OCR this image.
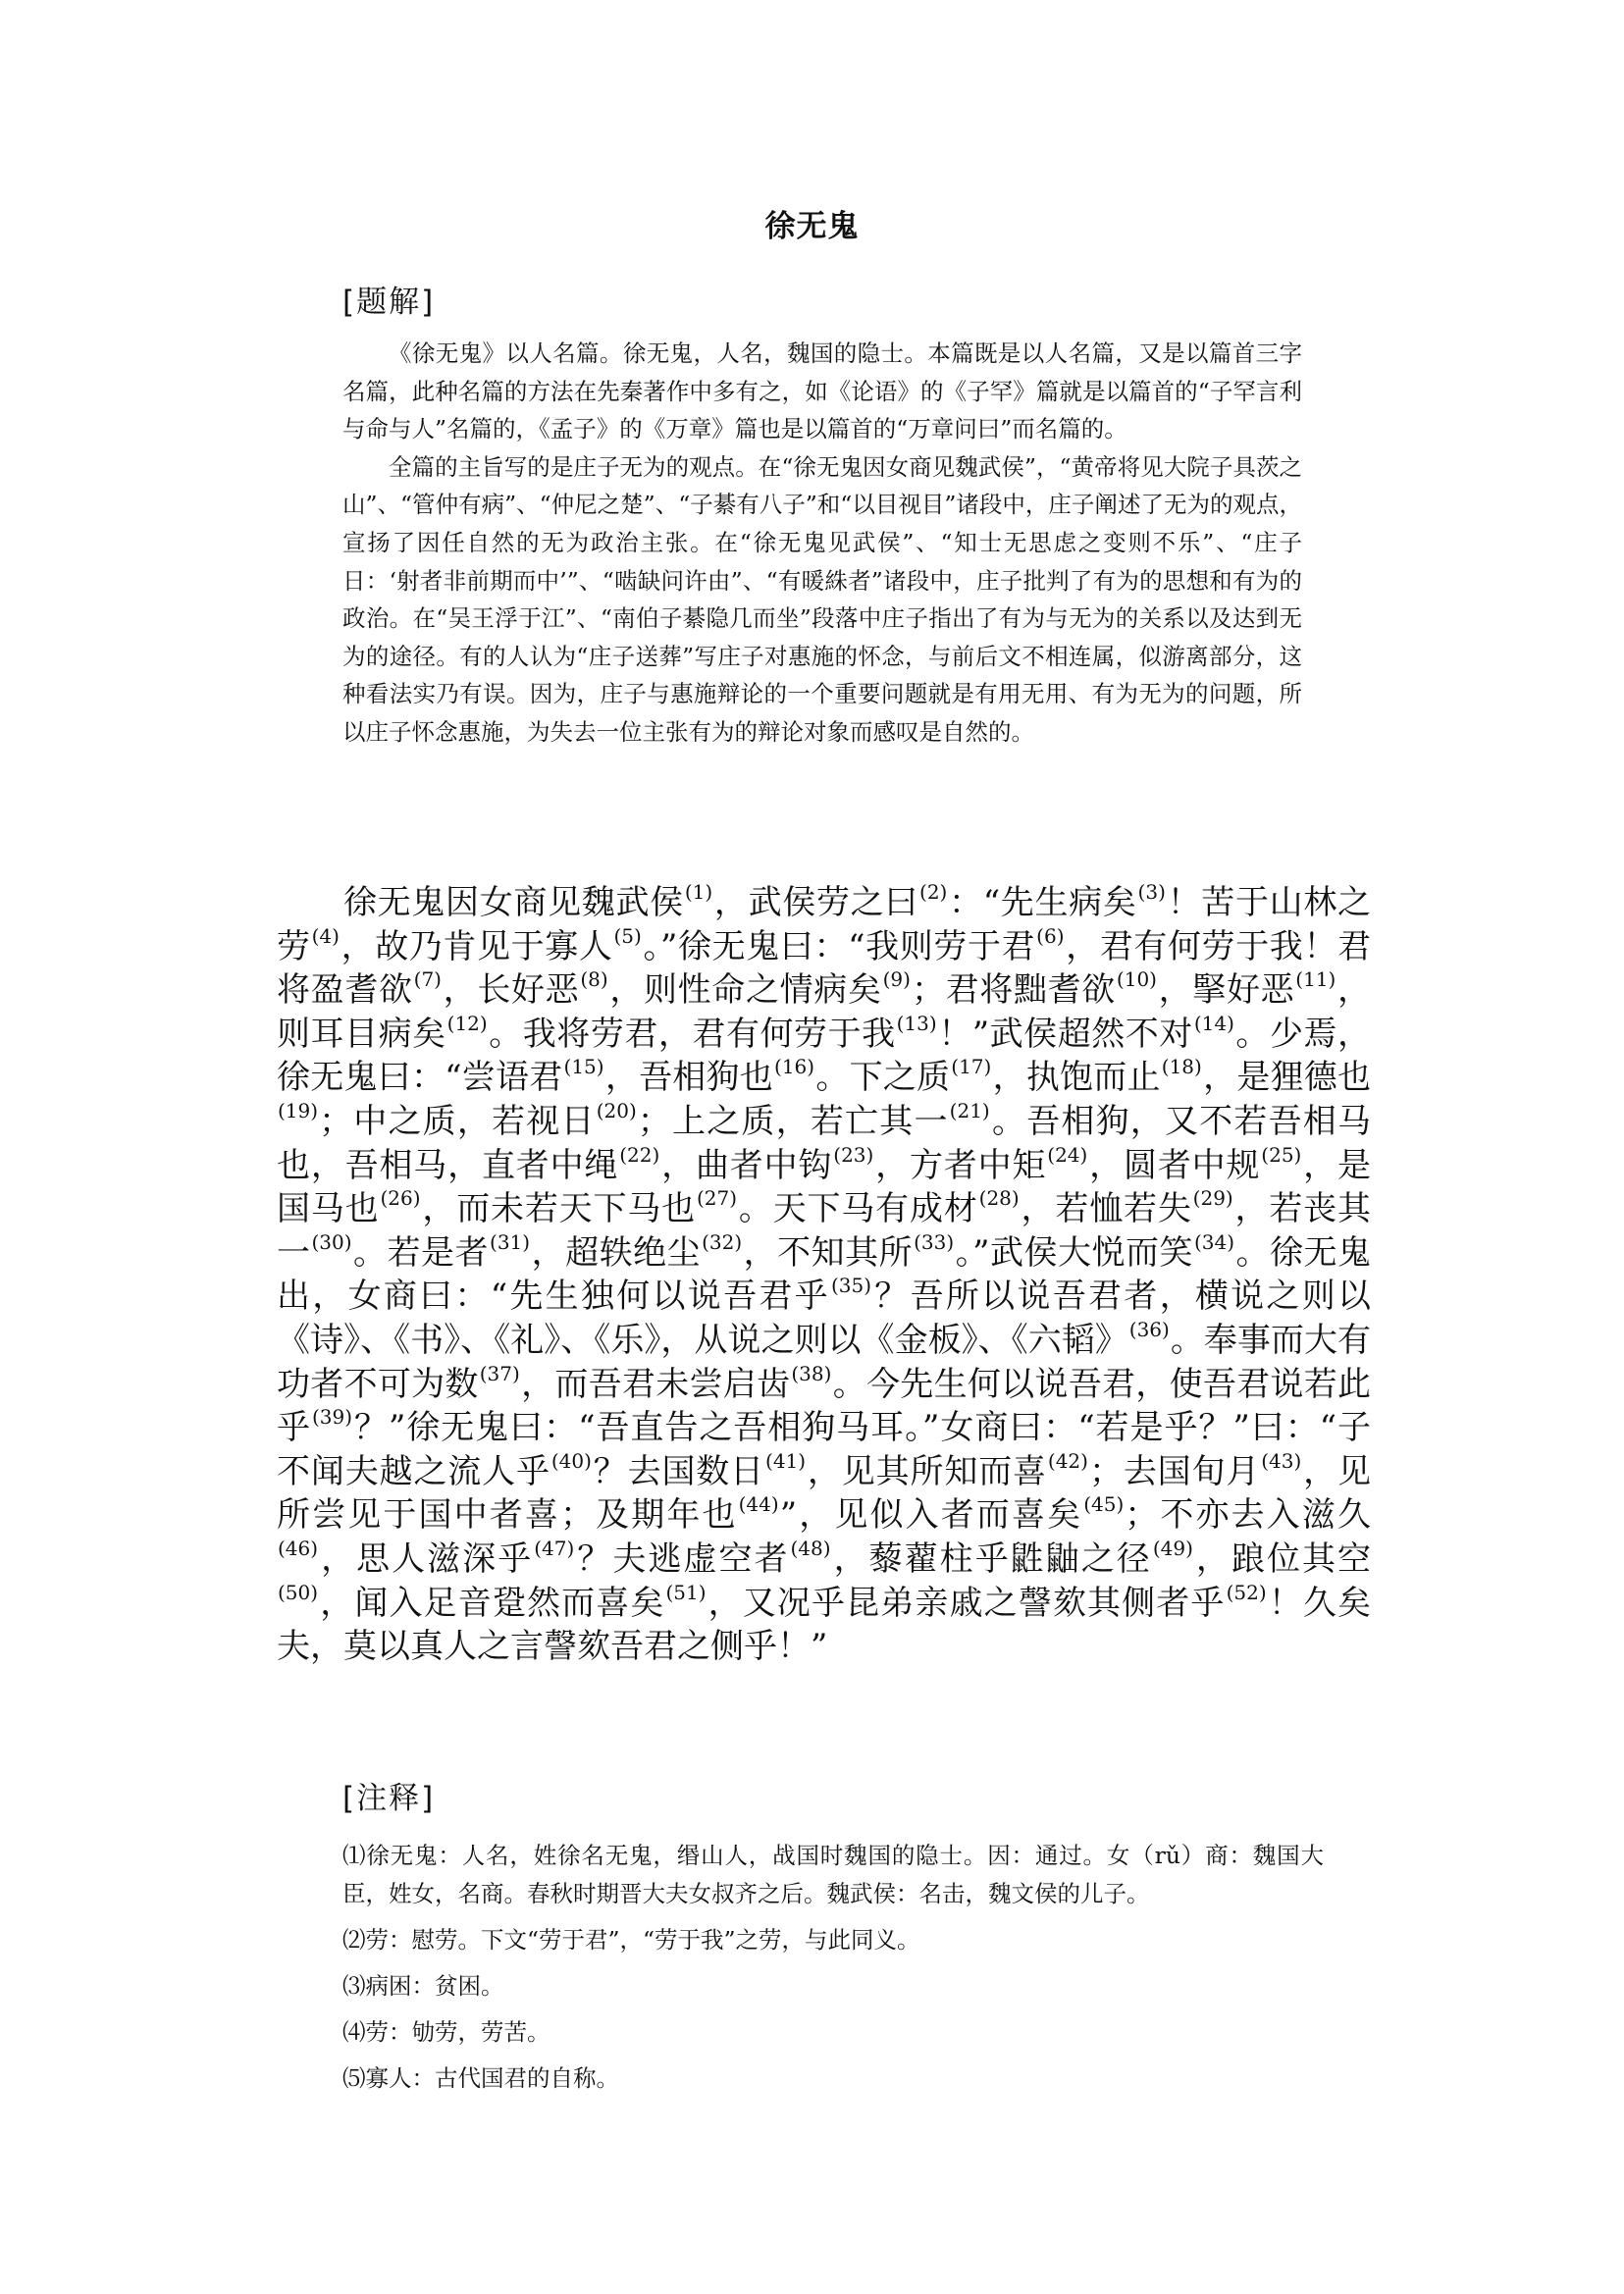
徐无鬼
[题解]

《徐无鬼》以人名篇。徐无鬼，人名，魏国的隐士。本篇既是以人名篇，又是以篇首三字名篇，此种名篇的方法在先秦著作中多有之，如《论语》的《子罕》篇就是以篇首的“子罕言利与命与人”名篇的，《孟子》的《万章》篇也是以篇首的“万章问曰”而名篇的。

全篇的主旨写的是庄子无为的观点。在“徐无鬼因女商见魏武侯”，“黄帝将见大院子具茨之山”、“管仲有病”、“仲尼之楚”、“子綦有八子”和“以目视目”诸段中，庄子阐述了无为的观点，宣扬了因任自然的无为政治主张。在“徐无鬼见武侯”、“知士无思虑之变则不乐”、“庄子日：‘射者非前期而中’”、“啮缺问许由”、“有暖絑者”诸段中，庄子批判了有为的思想和有为的政治。在“吴王浮于江”、“南伯子綦隐几而坐”段落中庄子指出了有为与无为的关系以及达到无为的途径。有的人认为“庄子送葬”写庄子对惠施的怀念，与前后文不相连属，似游离部分，这种看法实乃有误。因为，庄子与惠施辩论的一个重要问题就是有用无用、有为无为的问题，所以庄子怀念惠施，为失去一位主张有为的辩论对象而感叹是自然的。

徐无鬼因女商见魏武侯$^{(1)}$，武侯劳之曰$^{(2)}$：“先生病矣$^{(3)}$！苦于山林之劳$^{(4)}$，故乃肯见于寡人$^{(5)}$。”徐无鬼曰：“我则劳于君$^{(6)}$，君有何劳于我！君将盈耆欲$^{(7)}$，长好恶$^{(8)}$，则性命之情病矣$^{(9)}$；君将黜耆欲$^{(10)}$，掔好恶$^{(11)}$，则耳目病矣$^{(12)}$。我将劳君，君有何劳于我$^{(13)}$！”武侯超然不对$^{(14)}$。少焉，徐无鬼曰：“尝语君$^{(15)}$，吾相狗也$^{(16)}$。下之质$^{(17)}$，执饱而止$^{(18)}$，是狸德也$^{(19)}$；中之质，若视日$^{(20)}$；上之质，若亡其一$^{(21)}$。吾相狗，又不若吾相马也，吾相马，直者中绳$^{(22)}$，曲者中钩$^{(23)}$，方者中矩$^{(24)}$，圆者中规$^{(25)}$，是国马也$^{(26)}$，而未若天下马也$^{(27)}$。天下马有成材$^{(28)}$，若恤若失$^{(29)}$，若丧其一$^{(30)}$。若是者$^{(31)}$，超轶绝尘$^{(32)}$，不知其所$^{(33)}$。”武侯大悦而笑$^{(34)}$。徐无鬼出，女商曰：“先生独何以说吾君乎$^{(35)}$？吾所以说吾君者，横说之则以《诗》、《书》、《礼》、《乐》，从说之则以《金板》、《六韬》$^{(36)}$。奉事而大有功者不可为数$^{(37)}$，而吾君未尝启齿$^{(38)}$。今先生何以说吾君，使吾君说若此乎$^{(39)}$？”徐无鬼曰：“吾直告之吾相狗马耳。”女商曰：“若是乎？”曰：“子不闻夫越之流人乎$^{(40)}$？去国数日$^{(41)}$，见其所知而喜$^{(42)}$；去国旬月$^{(43)}$，见所尝见于国中者喜；及期年也$^{(44)}$”，见似入者而喜矣$^{(45)}$；不亦去入滋久$^{(46)}$，思人滋深乎$^{(47)}$？夫逃虚空者$^{(48)}$，藜藋柱乎鼪鼬之径$^{(49)}$，踉位其空$^{(50)}$，闻入足音跫然而喜矣$^{(51)}$，又况乎昆弟亲戚之謦欬其侧者乎$^{(52)}$！久矣夫，莫以真人之言謦欬吾君之侧乎！”

[注释]

⑴徐无鬼：人名，姓徐名无鬼，缗山人，战国时魏国的隐士。因：通过。女（rǔ）商：魏国大臣，姓女，名商。春秋时期晋大夫女叔齐之后。魏武侯：名击，魏文侯的儿子。

⑵劳：慰劳。下文“劳于君”，“劳于我”之劳，与此同义。

⑶病困：贫困。

⑷劳：劬劳，劳苦。

⑸寡人：古代国君的自称。
